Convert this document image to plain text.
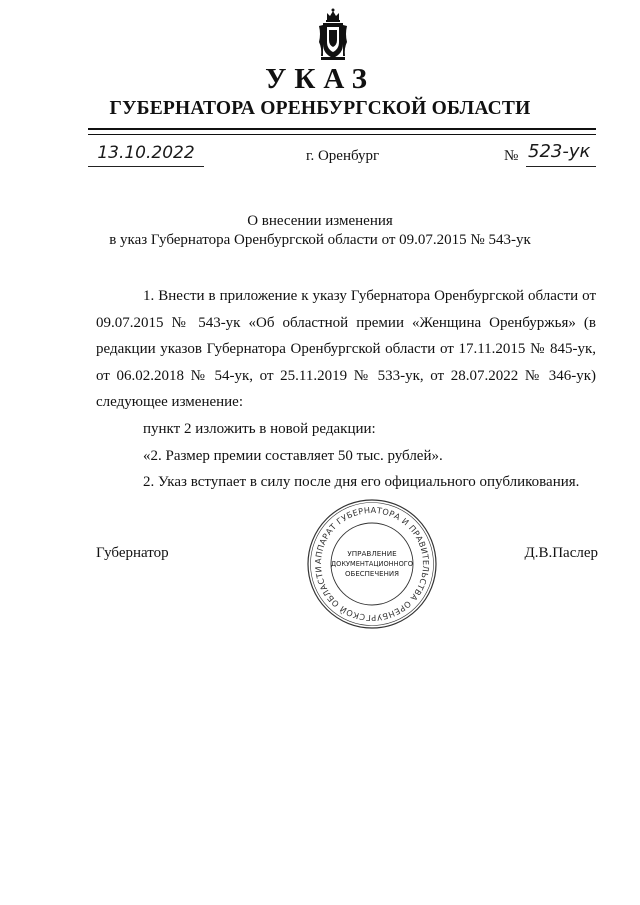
УКАЗ
ГУБЕРНАТОРА ОРЕНБУРГСКОЙ ОБЛАСТИ
13.10.2022	г. Оренбург	№ 523-ук
О внесении изменения
в указ Губернатора Оренбургской области от 09.07.2015 № 543-ук

1. Внести в приложение к указу Губернатора Оренбургской области от 09.07.2015 № 543-ук «Об областной премии «Женщина Оренбуржья» (в редакции указов Губернатора Оренбургской области от 17.11.2015 № 845-ук, от 06.02.2018 № 54-ук, от 25.11.2019 № 533-ук, от 28.07.2022 № 346-ук) следующее изменение:

пункт 2 изложить в новой редакции:

«2. Размер премии составляет 50 тыс. рублей».

2. Указ вступает в силу после дня его официального опубликования.

Губернатор	Д.В.Паслер
АППАРАТ ГУБЕРНАТОРА И ПРАВИТЕЛЬСТВА ОРЕНБУРГСКОЙ ОБЛАСТИ
УПРАВЛЕНИЕ
ДОКУМЕНТАЦИОННОГО
ОБЕСПЕЧЕНИЯ
